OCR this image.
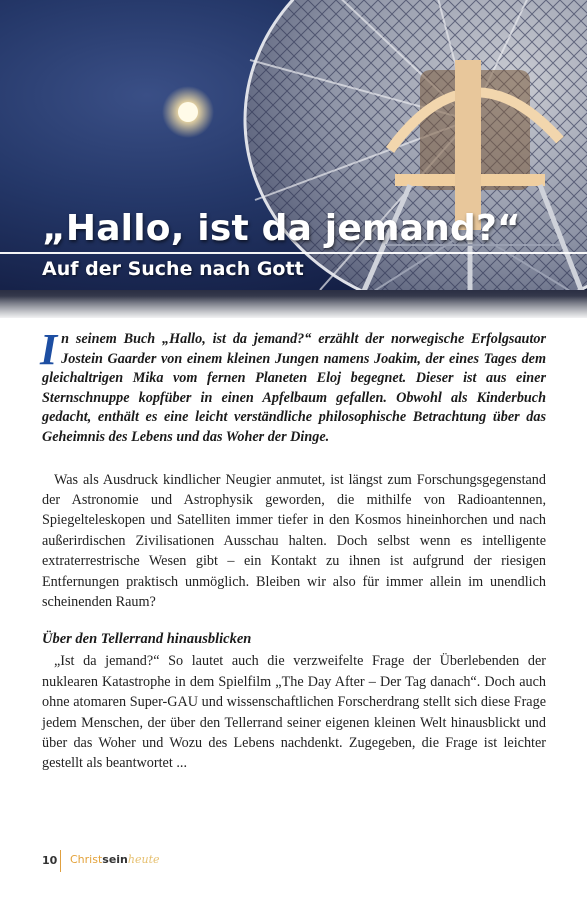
„Hallo, ist da jemand?“
Auf der Suche nach Gott

In seinem Buch „Hallo, ist da jemand?“ erzählt der norwegische Erfolgsautor Jostein Gaarder von einem kleinen Jungen namens Joakim, der eines Tages dem gleichaltrigen Mika vom fernen Planeten Eloj begegnet. Dieser ist aus einer Sternschnuppe kopfüber in einen Apfelbaum gefallen. Obwohl als Kinderbuch gedacht, enthält es eine leicht verständliche philosophische Betrachtung über das Geheimnis des Lebens und das Woher der Dinge.

Was als Ausdruck kindlicher Neugier anmutet, ist längst zum Forschungsgegenstand der Astronomie und Astrophysik geworden, die mithilfe von Radioantennen, Spiegelteleskopen und Satelliten immer tiefer in den Kosmos hineinhorchen und nach außerirdischen Zivilisationen Ausschau halten. Doch selbst wenn es intelligente extraterrestrische Wesen gibt – ein Kontakt zu ihnen ist aufgrund der riesigen Entfernungen praktisch unmöglich. Bleiben wir also für immer allein im unendlich scheinenden Raum?

Über den Tellerrand hinausblicken

„Ist da jemand?“ So lautet auch die verzweifelte Frage der Überlebenden der nuklearen Katastrophe in dem Spielfilm „The Day After – Der Tag danach“. Doch auch ohne atomaren Super-GAU und wissenschaftlichen Forscherdrang stellt sich diese Frage jedem Menschen, der über den Tellerrand seiner eigenen kleinen Welt hinausblickt und über das Woher und Wozu des Lebens nachdenkt. Zugegeben, die Frage ist leichter gestellt als beantwortet ...

10 Christseinheute
